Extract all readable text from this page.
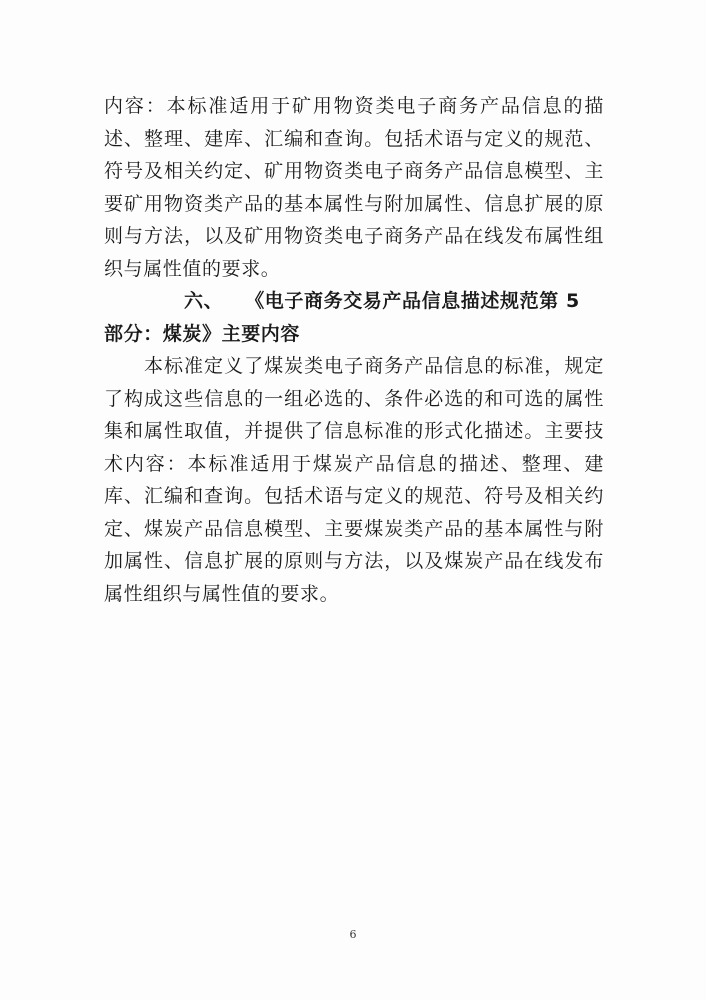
内容：本标准适用于矿用物资类电子商务产品信息的描述、整理、建库、汇编和查询。包括术语与定义的规范、符号及相关约定、矿用物资类电子商务产品信息模型、主要矿用物资类产品的基本属性与附加属性、信息扩展的原则与方法，以及矿用物资类电子商务产品在线发布属性组织与属性值的要求。

六、 《电子商务交易产品信息描述规范第 5 部分：煤炭》主要内容

本标准定义了煤炭类电子商务产品信息的标准，规定了构成这些信息的一组必选的、条件必选的和可选的属性集和属性取值，并提供了信息标准的形式化描述。主要技术内容：本标准适用于煤炭产品信息的描述、整理、建库、汇编和查询。包括术语与定义的规范、符号及相关约定、煤炭产品信息模型、主要煤炭类产品的基本属性与附加属性、信息扩展的原则与方法，以及煤炭产品在线发布属性组织与属性值的要求。

6
